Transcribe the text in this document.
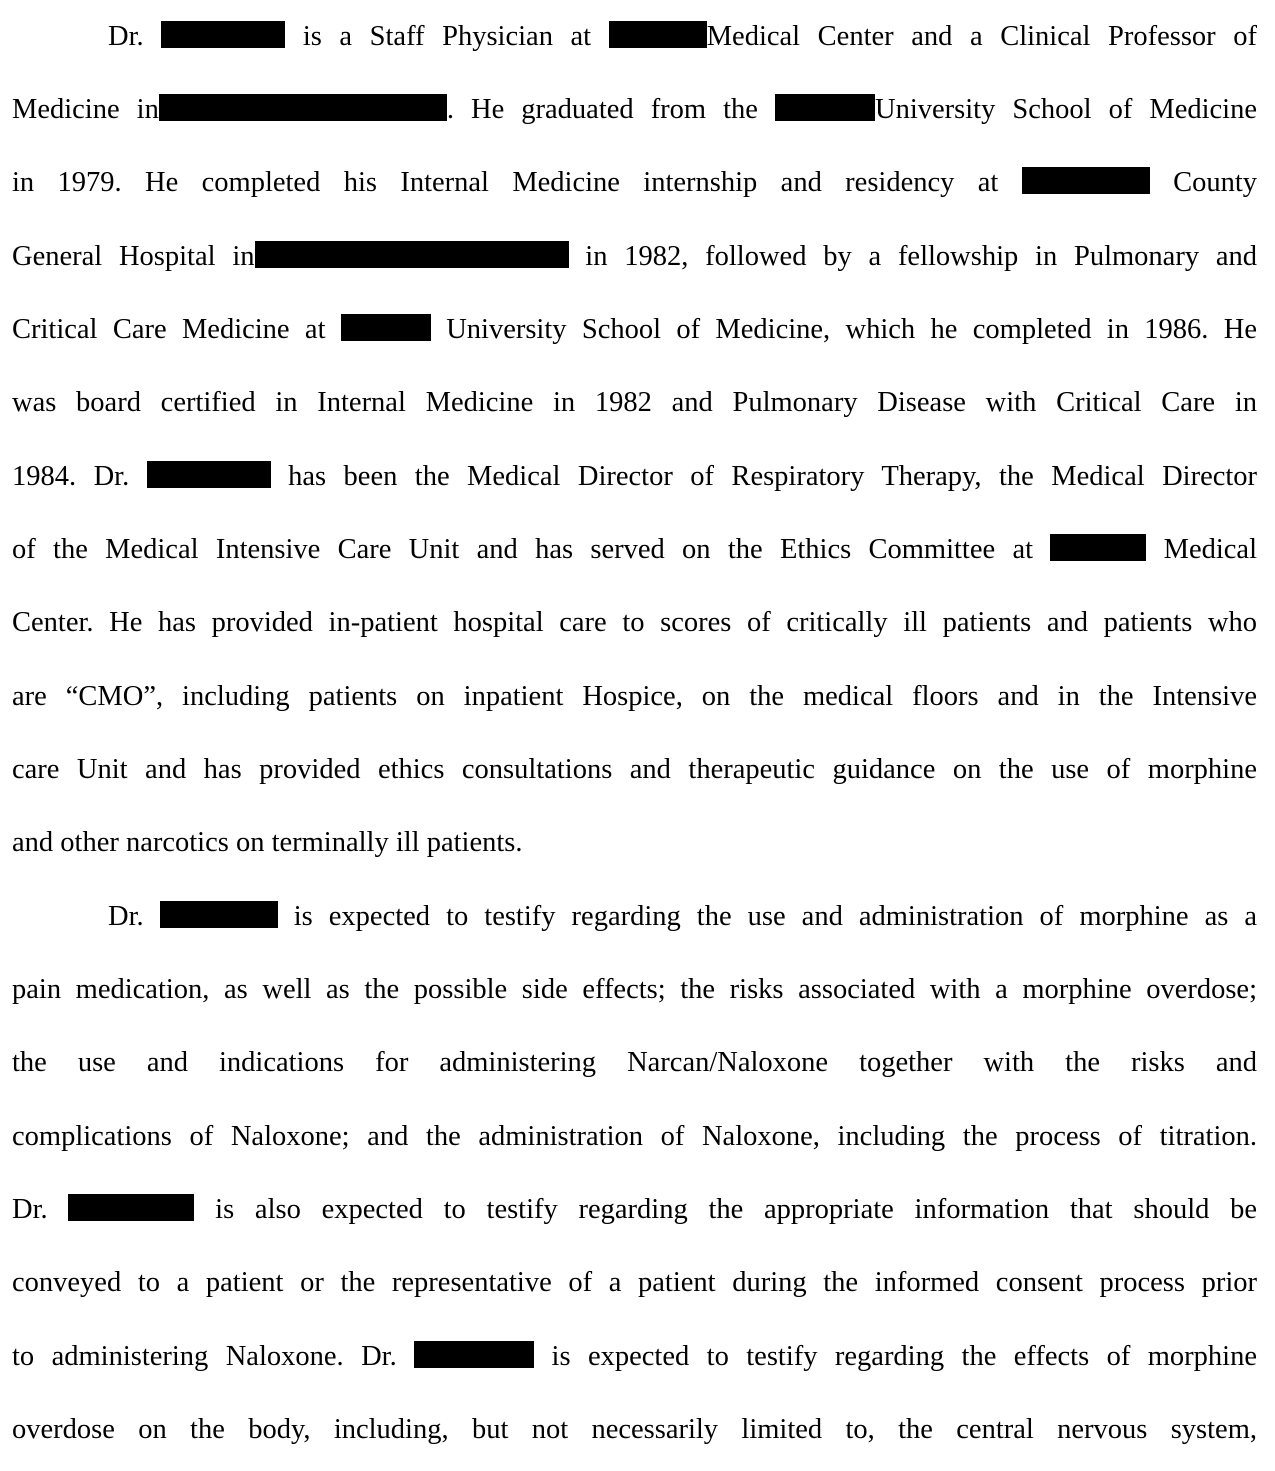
Dr.	is a Staff Physician at	Medical Center and a Clinical Professor of
Medicine in	. He graduated from the	University School of Medicine
in 1979. He completed his Internal Medicine internship and residency at	County
General Hospital in	in 1982, followed by a fellowship in Pulmonary and
Critical Care Medicine at	University School of Medicine, which he completed in 1986. He
was board certified in Internal Medicine in 1982 and Pulmonary Disease with Critical Care in
1984. Dr.	has been the Medical Director of Respiratory Therapy, the Medical Director
of the Medical Intensive Care Unit and has served on the Ethics Committee at	Medical
Center. He has provided in-patient hospital care to scores of critically ill patients and patients who
are “CMO”, including patients on inpatient Hospice, on the medical floors and in the Intensive
care Unit and has provided ethics consultations and therapeutic guidance on the use of morphine
and other narcotics on terminally ill patients.
Dr.	is expected to testify regarding the use and administration of morphine as a
pain medication, as well as the possible side effects; the risks associated with a morphine overdose;
the use and indications for administering Narcan/Naloxone together with the risks and
complications of Naloxone; and the administration of Naloxone, including the process of titration.
Dr.	is also expected to testify regarding the appropriate information that should be
conveyed to a patient or the representative of a patient during the informed consent process prior
to administering Naloxone. Dr.	is expected to testify regarding the effects of morphine
overdose on the body, including, but not necessarily limited to, the central nervous system,
